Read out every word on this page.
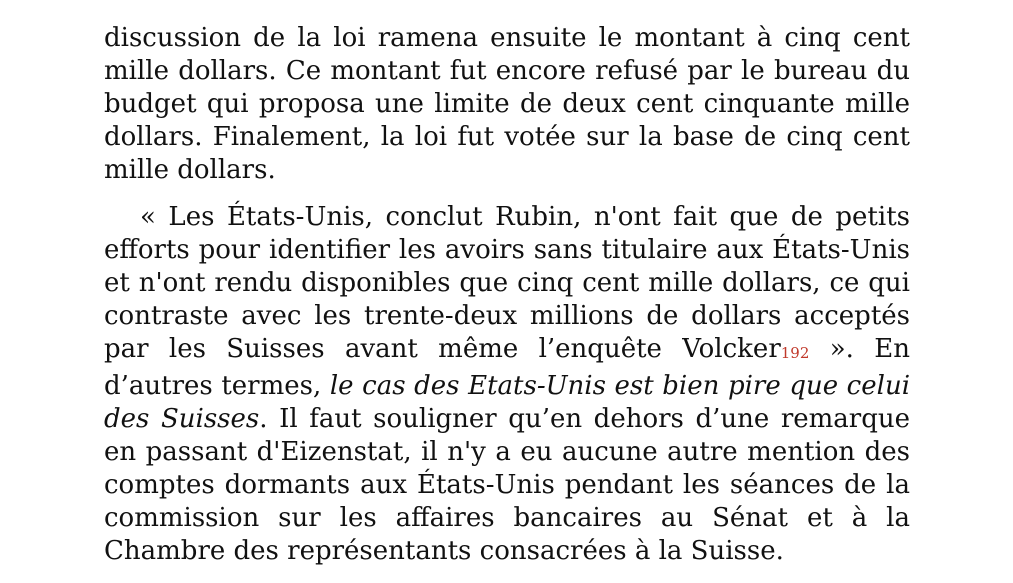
discussion de la loi ramena ensuite le montant à cinq cent mille dollars. Ce montant fut encore refusé par le bureau du budget qui proposa une limite de deux cent cinquante mille dollars. Finalement, la loi fut votée sur la base de cinq cent mille dollars.

« Les États-Unis, conclut Rubin, n'ont fait que de petits efforts pour identifier les avoirs sans titulaire aux États-Unis et n'ont rendu disponibles que cinq cent mille dollars, ce qui contraste avec les trente-deux millions de dollars acceptés par les Suisses avant même l’enquête Volcker192 ». En d’autres termes, le cas des Etats-Unis est bien pire que celui des Suisses. Il faut souligner qu’en dehors d’une remarque en passant d'Eizenstat, il n'y a eu aucune autre mention des comptes dormants aux États-Unis pendant les séances de la commission sur les affaires bancaires au Sénat et à la Chambre des représentants consacrées à la Suisse.
